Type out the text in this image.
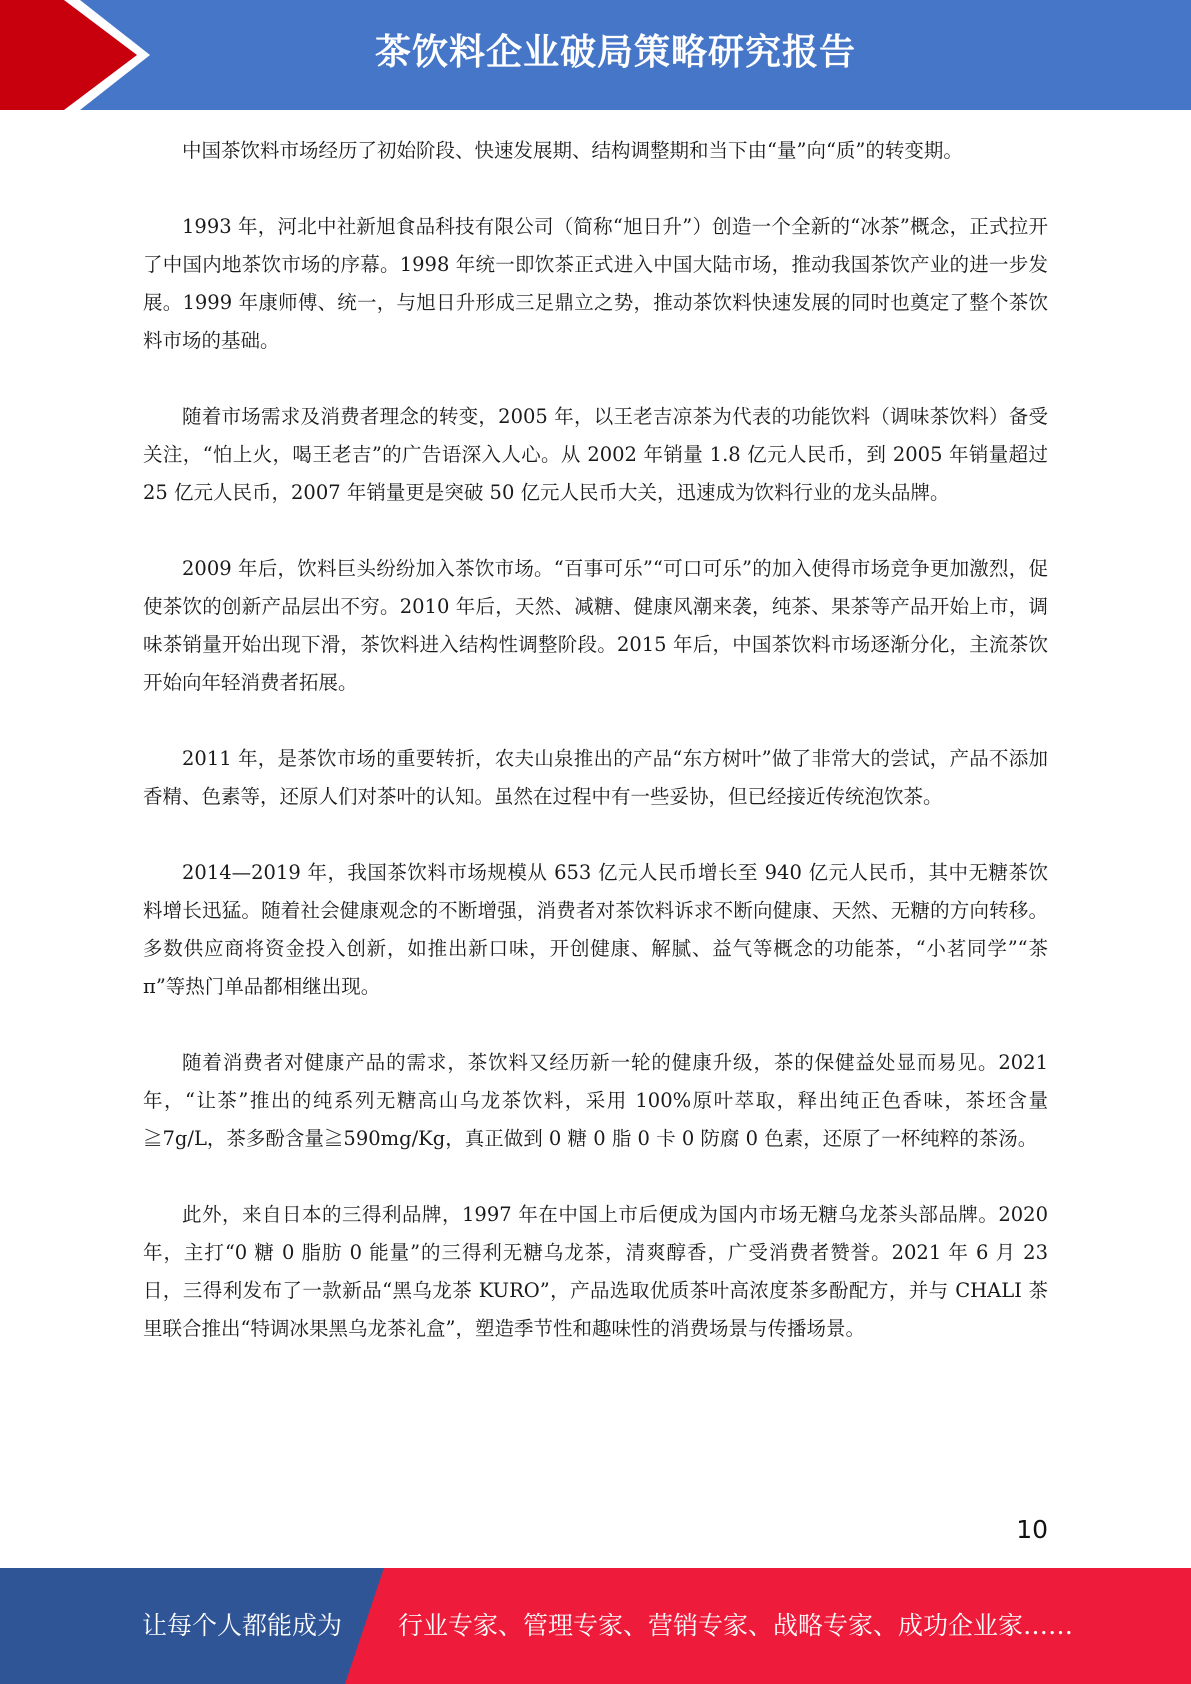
茶饮料企业破局策略研究报告

中国茶饮料市场经历了初始阶段、快速发展期、结构调整期和当下由“量”向“质”的转变期。

1993 年，河北中社新旭食品科技有限公司（简称“旭日升”）创造一个全新的“冰茶”概念，正式拉开了中国内地茶饮市场的序幕。1998 年统一即饮茶正式进入中国大陆市场，推动我国茶饮产业的进一步发展。1999 年康师傅、统一，与旭日升形成三足鼎立之势，推动茶饮料快速发展的同时也奠定了整个茶饮料市场的基础。

随着市场需求及消费者理念的转变，2005 年，以王老吉凉茶为代表的功能饮料（调味茶饮料）备受关注，“怕上火，喝王老吉”的广告语深入人心。从 2002 年销量 1.8 亿元人民币，到 2005 年销量超过 25 亿元人民币，2007 年销量更是突破 50 亿元人民币大关，迅速成为饮料行业的龙头品牌。

2009 年后，饮料巨头纷纷加入茶饮市场。“百事可乐”“可口可乐”的加入使得市场竞争更加激烈，促使茶饮的创新产品层出不穷。2010 年后，天然、减糖、健康风潮来袭，纯茶、果茶等产品开始上市，调味茶销量开始出现下滑，茶饮料进入结构性调整阶段。2015 年后，中国茶饮料市场逐渐分化，主流茶饮开始向年轻消费者拓展。

2011 年，是茶饮市场的重要转折，农夫山泉推出的产品“东方树叶”做了非常大的尝试，产品不添加香精、色素等，还原人们对茶叶的认知。虽然在过程中有一些妥协，但已经接近传统泡饮茶。

2014—2019 年，我国茶饮料市场规模从 653 亿元人民币增长至 940 亿元人民币，其中无糖茶饮料增长迅猛。随着社会健康观念的不断增强，消费者对茶饮料诉求不断向健康、天然、无糖的方向转移。多数供应商将资金投入创新，如推出新口味，开创健康、解腻、益气等概念的功能茶，“小茗同学”“茶π”等热门单品都相继出现。

随着消费者对健康产品的需求，茶饮料又经历新一轮的健康升级，茶的保健益处显而易见。2021 年，“让茶”推出的纯系列无糖高山乌龙茶饮料，采用 100%原叶萃取，释出纯正色香味，茶坯含量≧7g/L，茶多酚含量≧590mg/Kg，真正做到 0 糖 0 脂 0 卡 0 防腐 0 色素，还原了一杯纯粹的茶汤。

此外，来自日本的三得利品牌，1997 年在中国上市后便成为国内市场无糖乌龙茶头部品牌。2020 年，主打“0 糖 0 脂肪 0 能量”的三得利无糖乌龙茶，清爽醇香，广受消费者赞誉。2021 年 6 月 23 日，三得利发布了一款新品“黑乌龙茶 KURO”，产品选取优质茶叶高浓度茶多酚配方，并与 CHALI 茶里联合推出“特调冰果黑乌龙茶礼盒”，塑造季节性和趣味性的消费场景与传播场景。

10
让每个人都能成为 行业专家、管理专家、营销专家、战略专家、成功企业家……
